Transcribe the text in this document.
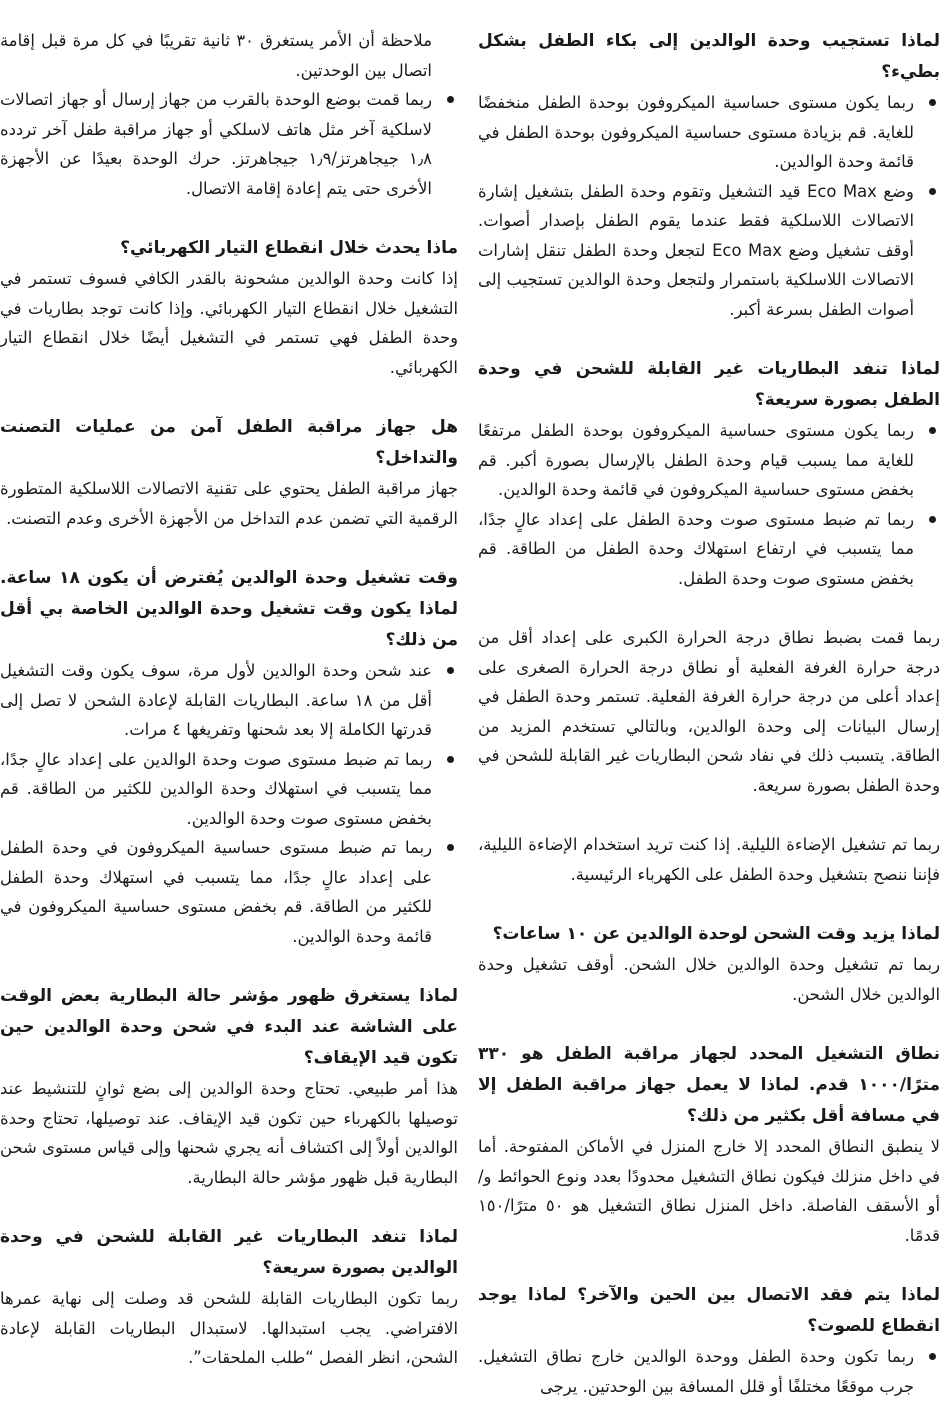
لماذا تستجيب وحدة الوالدين إلى بكاء الطفل بشكل بطيء؟

ربما يكون مستوى حساسية الميكروفون بوحدة الطفل منخفضًا للغاية. قم بزيادة مستوى حساسية الميكروفون بوحدة الطفل في قائمة وحدة الوالدين.
وضع Eco Max قيد التشغيل وتقوم وحدة الطفل بتشغيل إشارة الاتصالات اللاسلكية فقط عندما يقوم الطفل بإصدار أصوات. أوقف تشغيل وضع Eco Max لتجعل وحدة الطفل تنقل إشارات الاتصالات اللاسلكية باستمرار ولتجعل وحدة الوالدين تستجيب إلى أصوات الطفل بسرعة أكبر.

لماذا تنفد البطاريات غير القابلة للشحن في وحدة الطفل بصورة سريعة؟

ربما يكون مستوى حساسية الميكروفون بوحدة الطفل مرتفعًا للغاية مما يسبب قيام وحدة الطفل بالإرسال بصورة أكبر. قم بخفض مستوى حساسية الميكروفون في قائمة وحدة الوالدين.
ربما تم ضبط مستوى صوت وحدة الطفل على إعداد عالٍ جدًا، مما يتسبب في ارتفاع استهلاك وحدة الطفل من الطاقة. قم بخفض مستوى صوت وحدة الطفل.

ربما قمت بضبط نطاق درجة الحرارة الكبرى على إعداد أقل من درجة حرارة الغرفة الفعلية أو نطاق درجة الحرارة الصغرى على إعداد أعلى من درجة حرارة الغرفة الفعلية. تستمر وحدة الطفل في إرسال البيانات إلى وحدة الوالدين، وبالتالي تستخدم المزيد من الطاقة. يتسبب ذلك في نفاد شحن البطاريات غير القابلة للشحن في وحدة الطفل بصورة سريعة.

ربما تم تشغيل الإضاءة الليلية. إذا كنت تريد استخدام الإضاءة الليلية، فإننا ننصح بتشغيل وحدة الطفل على الكهرباء الرئيسية.

لماذا يزيد وقت الشحن لوحدة الوالدين عن ١٠ ساعات؟

ربما تم تشغيل وحدة الوالدين خلال الشحن. أوقف تشغيل وحدة الوالدين خلال الشحن.

نطاق التشغيل المحدد لجهاز مراقبة الطفل هو ٣٣٠ مترًا/١٠٠٠ قدم. لماذا لا يعمل جهاز مراقبة الطفل إلا في مسافة أقل بكثير من ذلك؟

لا ينطبق النطاق المحدد إلا خارج المنزل في الأماكن المفتوحة. أما في داخل منزلك فيكون نطاق التشغيل محدودًا بعدد ونوع الحوائط و/أو الأسقف الفاصلة. داخل المنزل نطاق التشغيل هو ٥٠ مترًا/١٥٠ قدمًا.

لماذا يتم فقد الاتصال بين الحين والآخر؟ لماذا يوجد انقطاع للصوت؟

ربما تكون وحدة الطفل ووحدة الوالدين خارج نطاق التشغيل. جرب موقعًا مختلفًا أو قلل المسافة بين الوحدتين. يرجى
ملاحظة أن الأمر يستغرق ٣٠ ثانية تقريبًا في كل مرة قبل إقامة اتصال بين الوحدتين.
ربما قمت بوضع الوحدة بالقرب من جهاز إرسال أو جهاز اتصالات لاسلكية آخر مثل هاتف لاسلكي أو جهاز مراقبة طفل آخر تردده ١٫٨ جيجاهرتز/١٫٩ جيجاهرتز. حرك الوحدة بعيدًا عن الأجهزة الأخرى حتى يتم إعادة إقامة الاتصال.

ماذا يحدث خلال انقطاع التيار الكهربائي؟

إذا كانت وحدة الوالدين مشحونة بالقدر الكافي فسوف تستمر في التشغيل خلال انقطاع التيار الكهربائي. وإذا كانت توجد بطاريات في وحدة الطفل فهي تستمر في التشغيل أيضًا خلال انقطاع التيار الكهربائي.

هل جهاز مراقبة الطفل آمن من عمليات التصنت والتداخل؟

جهاز مراقبة الطفل يحتوي على تقنية الاتصالات اللاسلكية المتطورة الرقمية التي تضمن عدم التداخل من الأجهزة الأخرى وعدم التصنت.

وقت تشغيل وحدة الوالدين يُفترض أن يكون ١٨ ساعة. لماذا يكون وقت تشغيل وحدة الوالدين الخاصة بي أقل من ذلك؟

عند شحن وحدة الوالدين لأول مرة، سوف يكون وقت التشغيل أقل من ١٨ ساعة. البطاريات القابلة لإعادة الشحن لا تصل إلى قدرتها الكاملة إلا بعد شحنها وتفريغها ٤ مرات.
ربما تم ضبط مستوى صوت وحدة الوالدين على إعداد عالٍ جدًا، مما يتسبب في استهلاك وحدة الوالدين للكثير من الطاقة. قم بخفض مستوى صوت وحدة الوالدين.
ربما تم ضبط مستوى حساسية الميكروفون في وحدة الطفل على إعداد عالٍ جدًا، مما يتسبب في استهلاك وحدة الطفل للكثير من الطاقة. قم بخفض مستوى حساسية الميكروفون في قائمة وحدة الوالدين.

لماذا يستغرق ظهور مؤشر حالة البطارية بعض الوقت على الشاشة عند البدء في شحن وحدة الوالدين حين تكون قيد الإيقاف؟

هذا أمر طبيعي. تحتاج وحدة الوالدين إلى بضع ثوانٍ للتنشيط عند توصيلها بالكهرباء حين تكون قيد الإيقاف. عند توصيلها، تحتاج وحدة الوالدين أولاً إلى اكتشاف أنه يجري شحنها وإلى قياس مستوى شحن البطارية قبل ظهور مؤشر حالة البطارية.

لماذا تنفد البطاريات غير القابلة للشحن في وحدة الوالدين بصورة سريعة؟

ربما تكون البطاريات القابلة للشحن قد وصلت إلى نهاية عمرها الافتراضي. يجب استبدالها. لاستبدال البطاريات القابلة لإعادة الشحن، انظر الفصل “طلب الملحقات”.
